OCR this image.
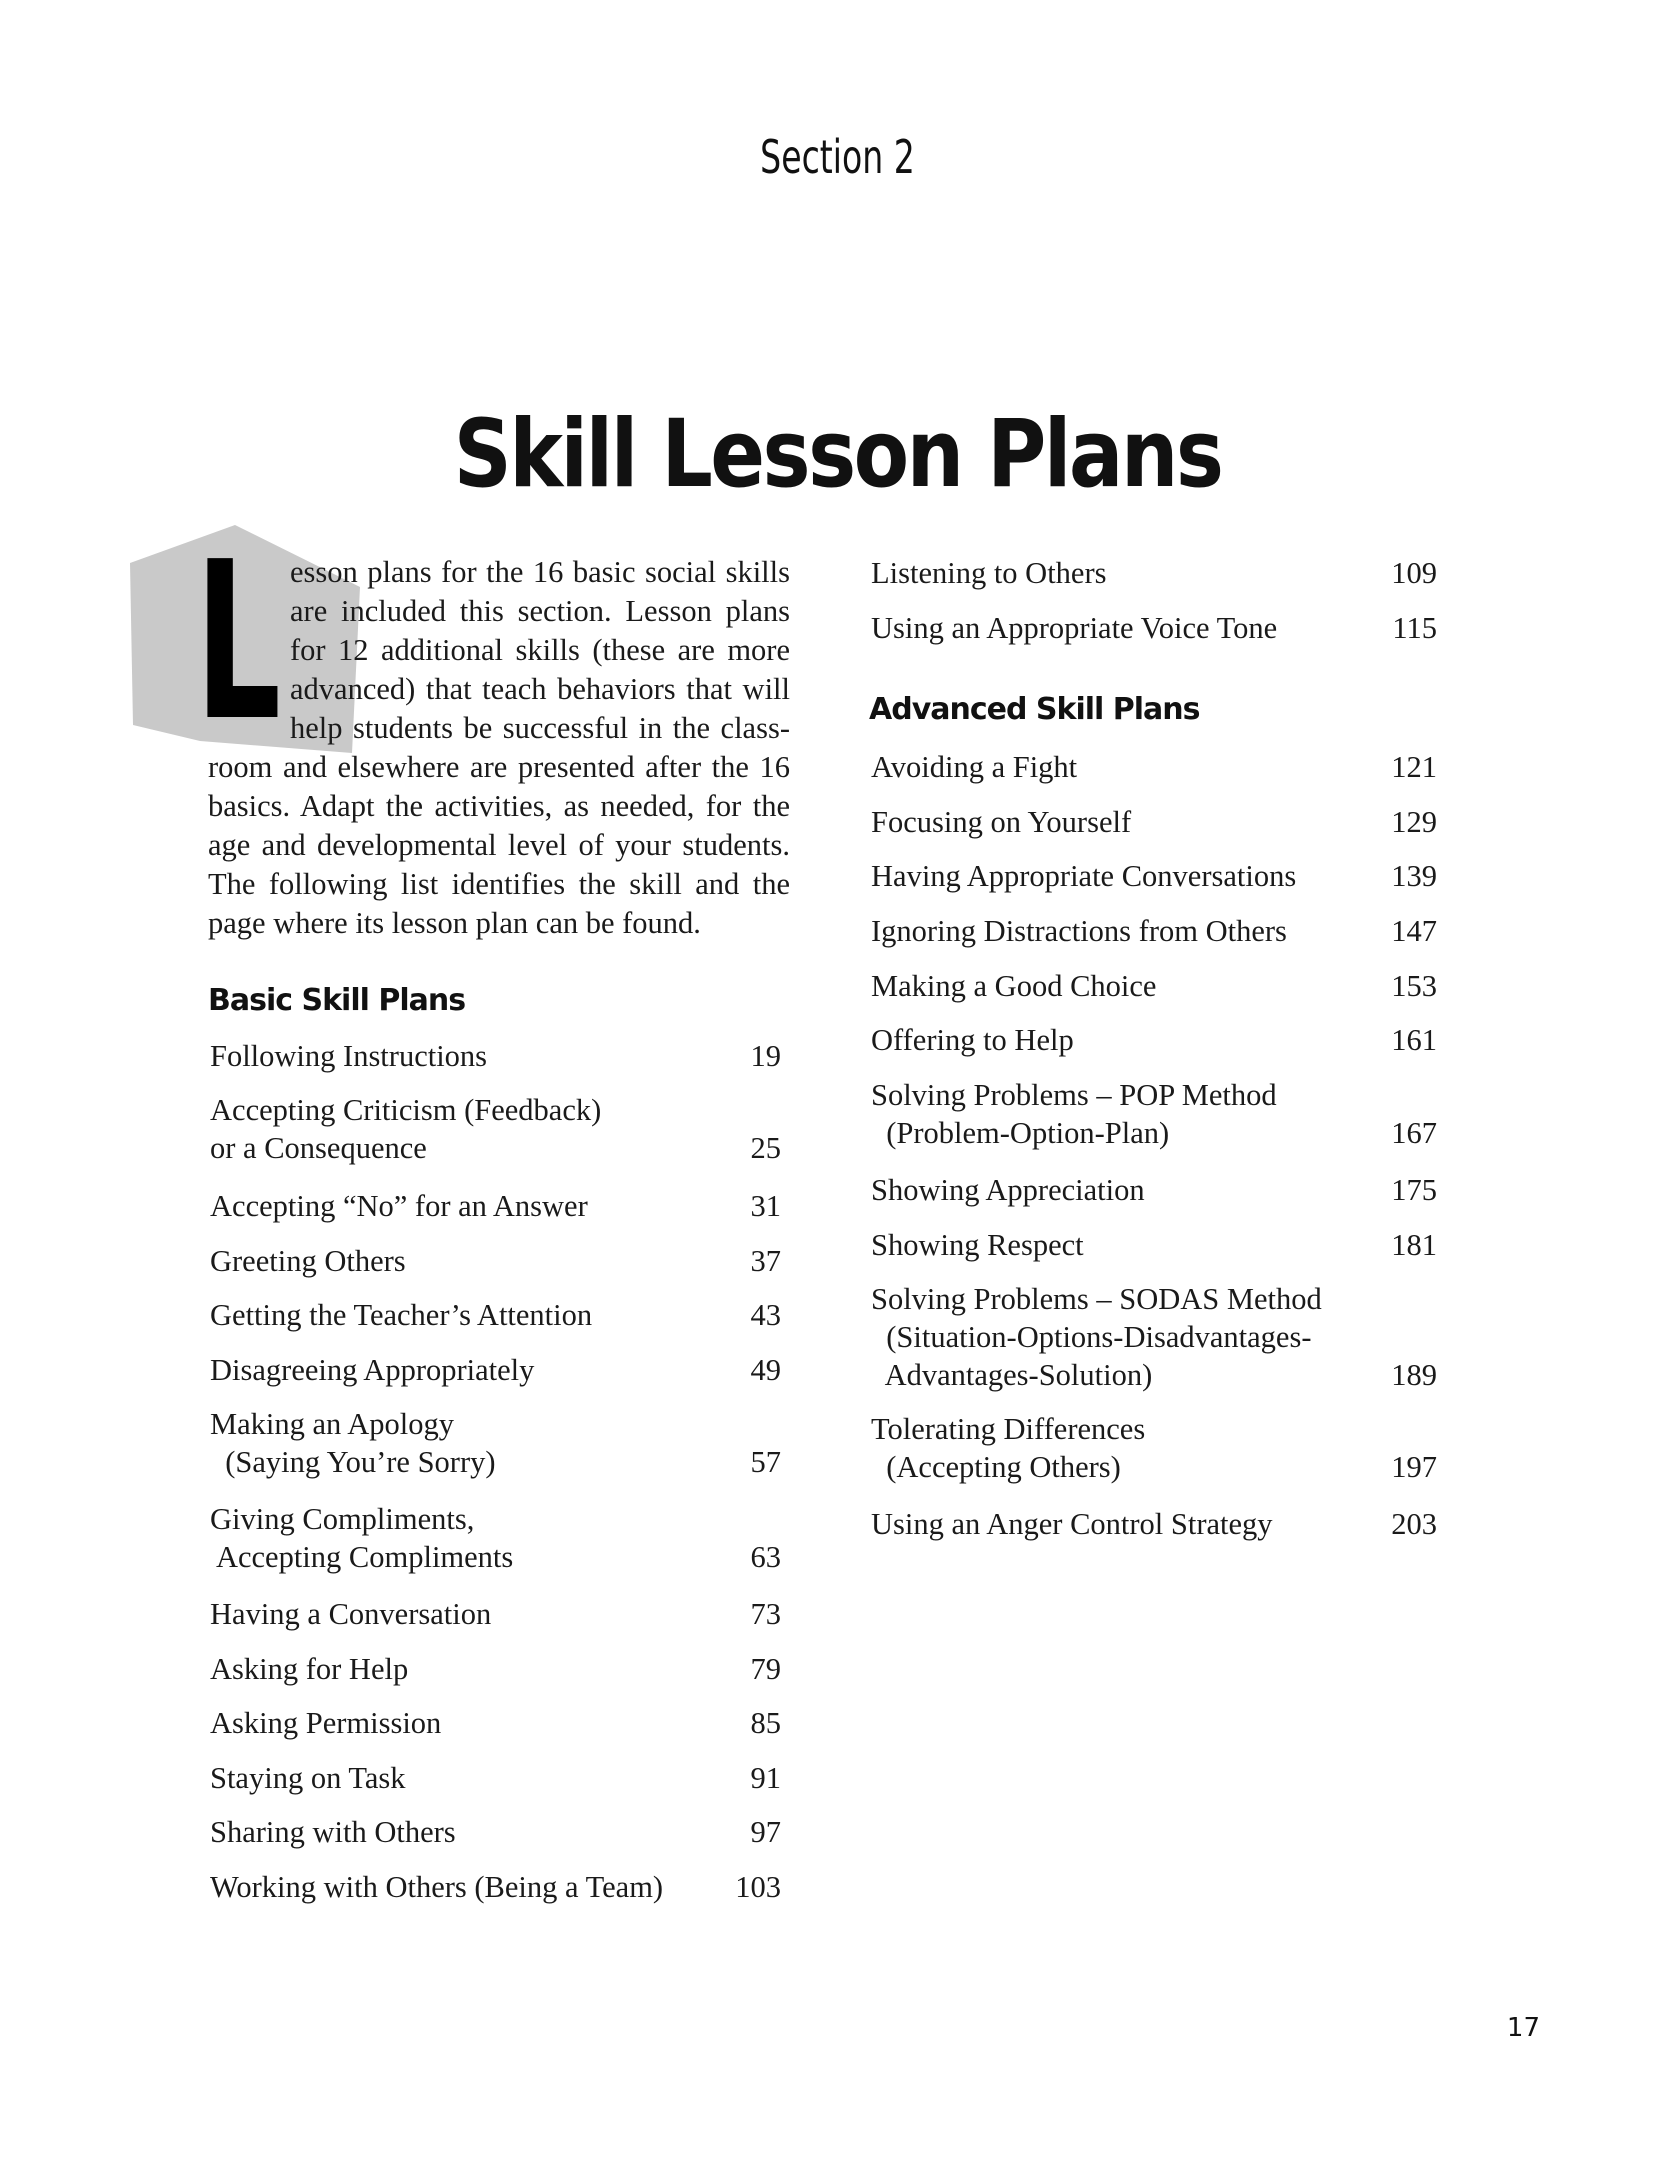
Section 2
Skill Lesson Plans
L esson plans for the 16 basic social skills
are included this section. Lesson plans
for 12 additional skills (these are more
advanced) that teach behaviors that will
help students be successful in the class-
room and elsewhere are presented after the 16
basics. Adapt the activities, as needed, for the
age and developmental level of your students.
The following list identifies the skill and the
page where its lesson plan can be found.
Basic Skill Plans
Following Instructions	19
Accepting Criticism (Feedback)
or a Consequence	25
Accepting “No” for an Answer	31
Greeting Others	37
Getting the Teacher’s Attention	43
Disagreeing Appropriately	49
Making an Apology
(Saying You’re Sorry)	57
Giving Compliments,
Accepting Compliments	63
Having a Conversation	73
Asking for Help	79
Asking Permission	85
Staying on Task	91
Sharing with Others	97
Working with Others (Being a Team) 103
Listening to Others	109
Using an Appropriate Voice Tone	115
Advanced Skill Plans
Avoiding a Fight	121
Focusing on Yourself	129
Having Appropriate Conversations	139
Ignoring Distractions from Others	147
Making a Good Choice	153
Offering to Help	161
Solving Problems – POP Method
(Problem-Option-Plan)	167
Showing Appreciation	175
Showing Respect	181
Solving Problems – SODAS Method
(Situation-Options-Disadvantages-
Advantages-Solution)	189
Tolerating Differences
(Accepting Others)	197
Using an Anger Control Strategy	203
17
